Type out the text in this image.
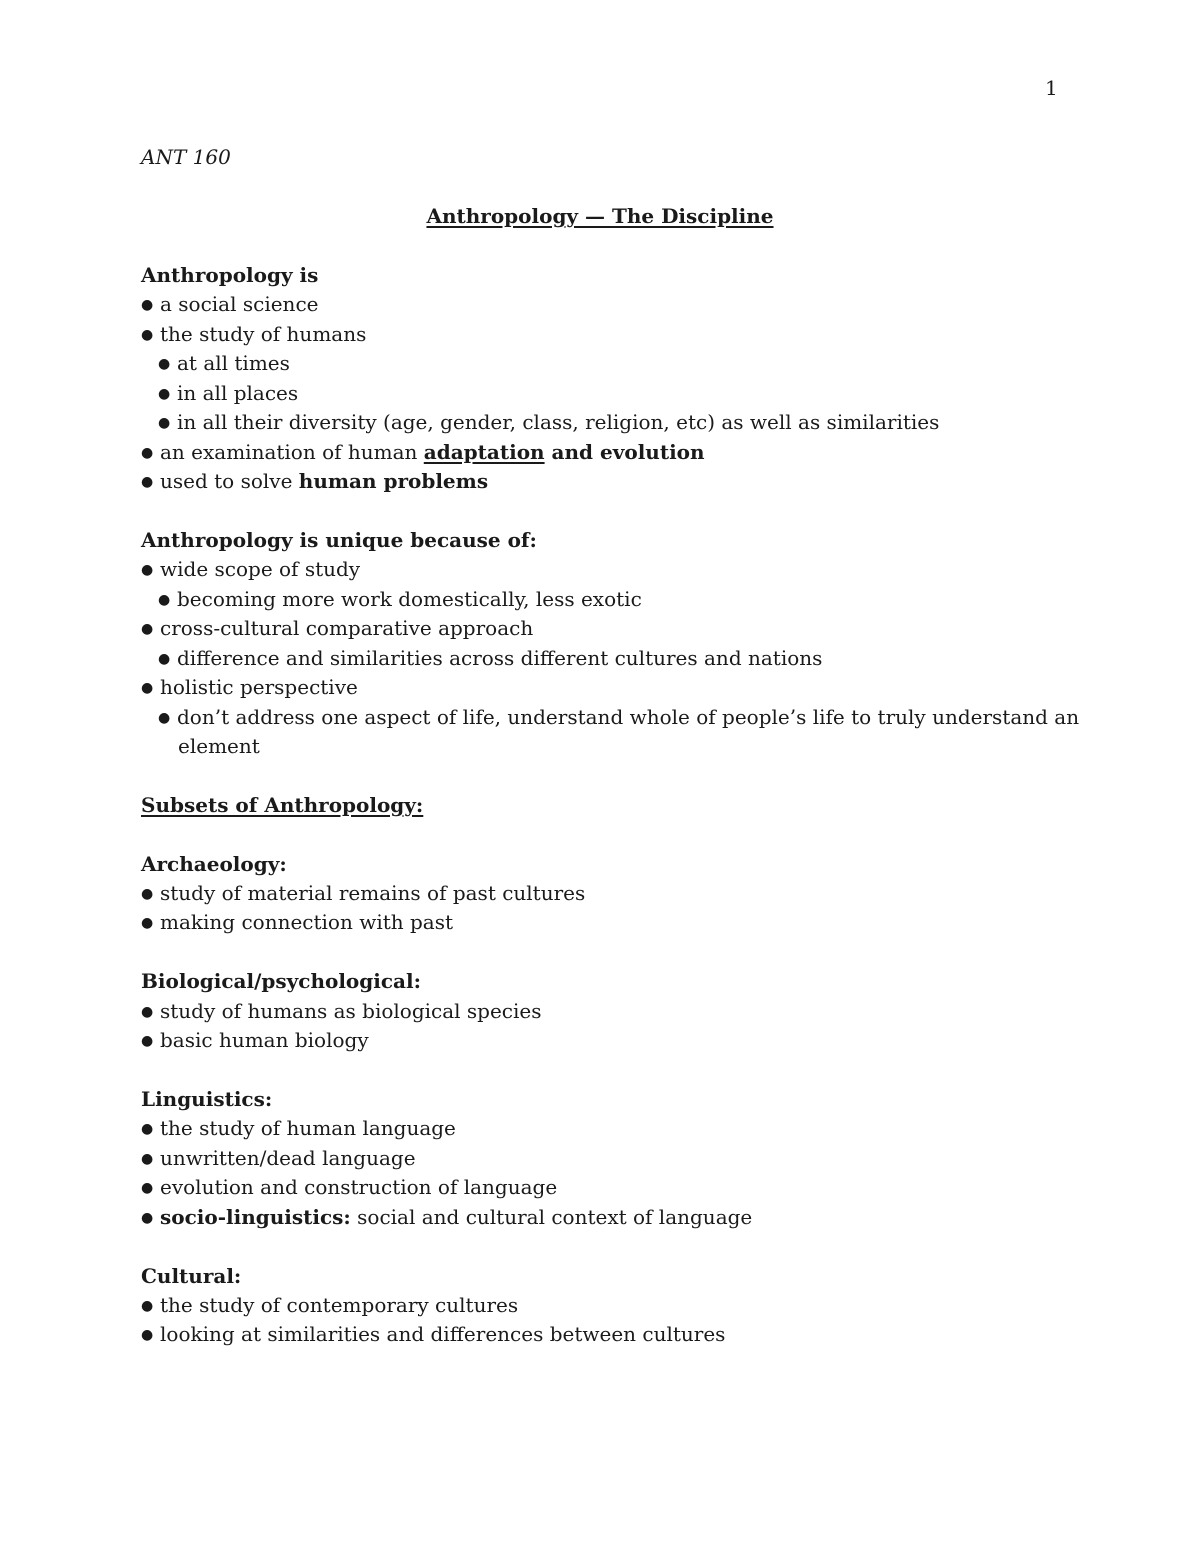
1
ANT 160
Anthropology — The Discipline
Anthropology is
● a social science
● the study of humans
● at all times
● in all places
● in all their diversity (age, gender, class, religion, etc) as well as similarities
● an examination of human adaptation and evolution
● used to solve human problems
Anthropology is unique because of:
● wide scope of study
● becoming more work domestically, less exotic
● cross-cultural comparative approach
● difference and similarities across different cultures and nations
● holistic perspective
● don’t address one aspect of life, understand whole of people’s life to truly understand an
element
Subsets of Anthropology:
Archaeology:
● study of material remains of past cultures
● making connection with past
Biological/psychological:
● study of humans as biological species
● basic human biology
Linguistics:
● the study of human language
● unwritten/dead language
● evolution and construction of language
● socio-linguistics: social and cultural context of language
Cultural:
● the study of contemporary cultures
● looking at similarities and differences between cultures
